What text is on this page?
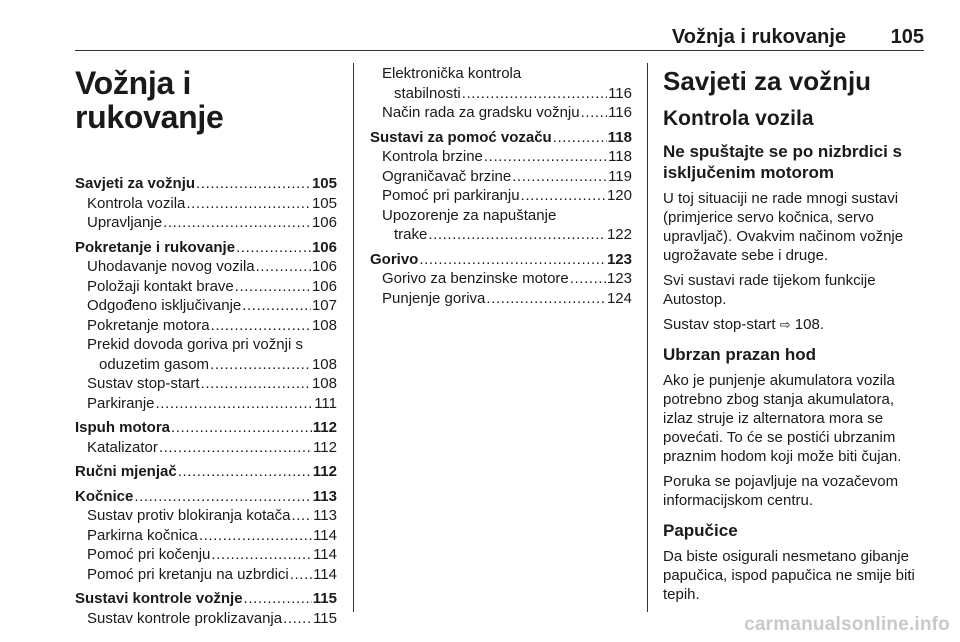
Vožnja i rukovanje 105
Vožnja i rukovanje
Savjeti za vožnju .....	105
Kontrola vozila .....	105
Upravljanje .....	106
Pokretanje i rukovanje .....	106
Uhodavanje novog vozila .....	106
Položaji kontakt brave .....	106
Odgođeno isključivanje .....	107
Pokretanje motora .....	108
Prekid dovoda goriva pri vožnji s
oduzetim gasom .....	108
Sustav stop-start .....	108
Parkiranje .....	111
Ispuh motora .....	112
Katalizator .....	112
Ručni mjenjač .....	112
Kočnice .....	113
Sustav protiv blokiranja kotača ..... 113
Parkirna kočnica .....	114
Pomoć pri kočenju .....	114
Pomoć pri kretanju na uzbrdici ..... 114
Sustavi kontrole vožnje .....	115
Sustav kontrole proklizavanja ..... 115
Elektronička kontrola
stabilnosti .....	116
Način rada za gradsku vožnju ..... 116
Sustavi za pomoć vozaču .....	118
Kontrola brzine .....	118
Ograničavač brzine .....	119
Pomoć pri parkiranju .....	120
Upozorenje za napuštanje
trake .....	122
Gorivo .....	123
Gorivo za benzinske motore .....	123
Punjenje goriva .....	124
Savjeti za vožnju
Kontrola vozila
Ne spuštajte se po nizbrdici s isključenim motorom

U toj situaciji ne rade mnogi sustavi (primjerice servo kočnica, servo upravljač). Ovakvim načinom vožnje ugrožavate sebe i druge.

Svi sustavi rade tijekom funkcije Autostop.

Sustav stop-start ⇨ 108.

Ubrzan prazan hod

Ako je punjenje akumulatora vozila potrebno zbog stanja akumulatora, izlaz struje iz alternatora mora se povećati. To će se postići ubrzanim praznim hodom koji može biti čujan.

Poruka se pojavljuje na vozačevom informacijskom centru.

Papučice

Da biste osigurali nesmetano gibanje papučica, ispod papučica ne smije biti tepih.

carmanualsonline.info
